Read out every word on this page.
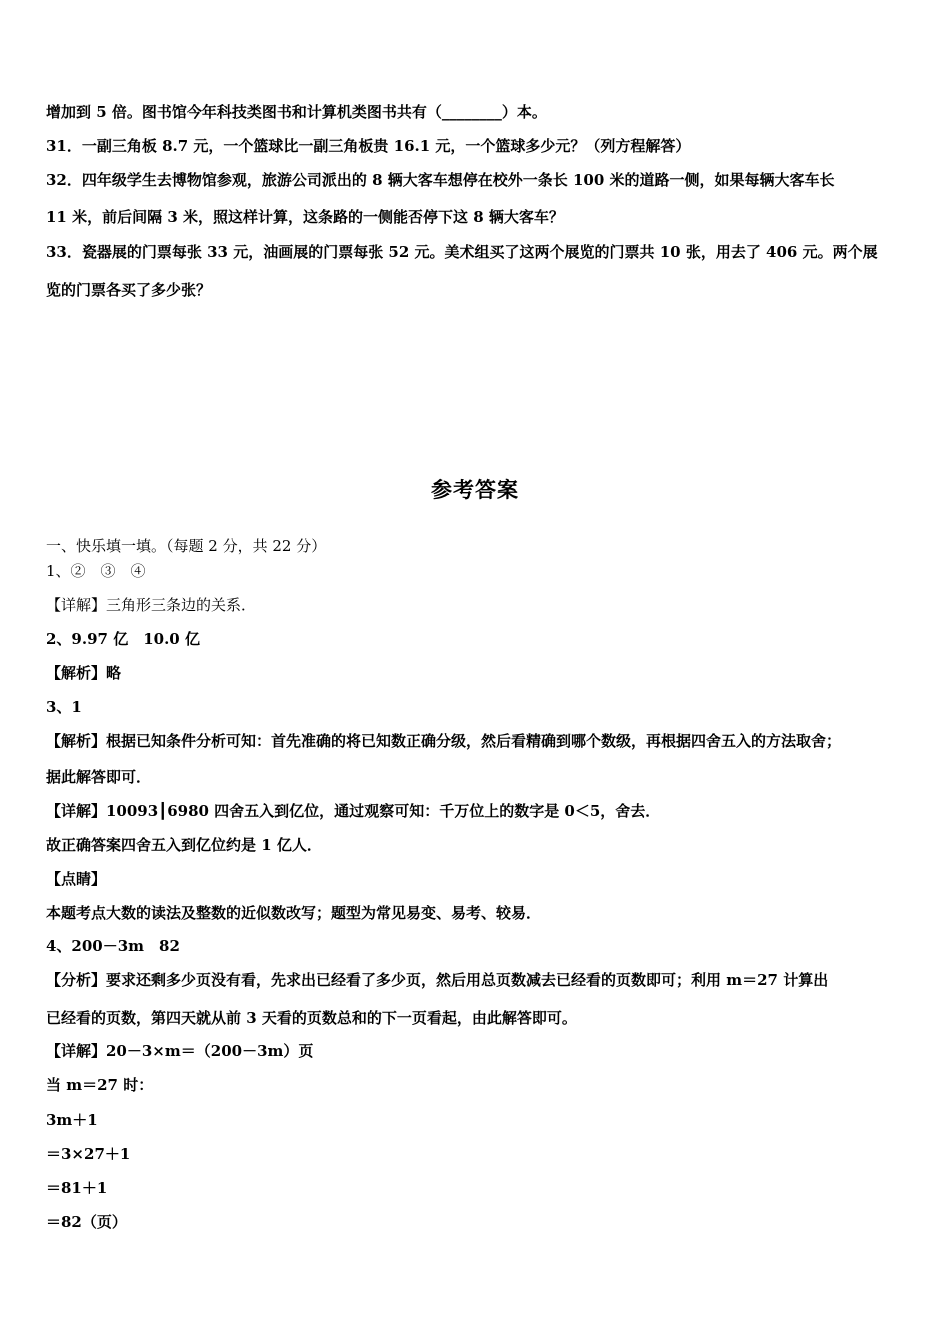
增加到 5 倍。图书馆今年科技类图书和计算机类图书共有（________）本。
31．一副三角板 8.7 元，一个篮球比一副三角板贵 16.1 元，一个篮球多少元？（列方程解答）
32．四年级学生去博物馆参观，旅游公司派出的 8 辆大客车想停在校外一条长 100 米的道路一侧，如果每辆大客车长
11 米，前后间隔 3 米，照这样计算，这条路的一侧能否停下这 8 辆大客车？
33．瓷器展的门票每张 33 元，油画展的门票每张 52 元。美术组买了这两个展览的门票共 10 张，用去了 406 元。两个展
览的门票各买了多少张？
参考答案
一、快乐填一填。（每题 2 分，共 22 分）
1、②　③　④
【详解】三角形三条边的关系．
2、9.97 亿　10.0 亿
【解析】略
3、1
【解析】根据已知条件分析可知：首先准确的将已知数正确分级，然后看精确到哪个数级，再根据四舍五入的方法取舍；
据此解答即可．
【详解】10093┃6980 四舍五入到亿位，通过观察可知：千万位上的数字是 0＜5，舍去．
故正确答案四舍五入到亿位约是 1 亿人．
【点睛】
本题考点大数的读法及整数的近似数改写；题型为常见易变、易考、较易．
4、200－3m　82
【分析】要求还剩多少页没有看，先求出已经看了多少页，然后用总页数减去已经看的页数即可；利用 m＝27 计算出
已经看的页数，第四天就从前 3 天看的页数总和的下一页看起，由此解答即可。
【详解】20－3×m＝（200－3m）页
当 m＝27 时：
3m＋1
＝3×27＋1
＝81＋1
＝82（页）
